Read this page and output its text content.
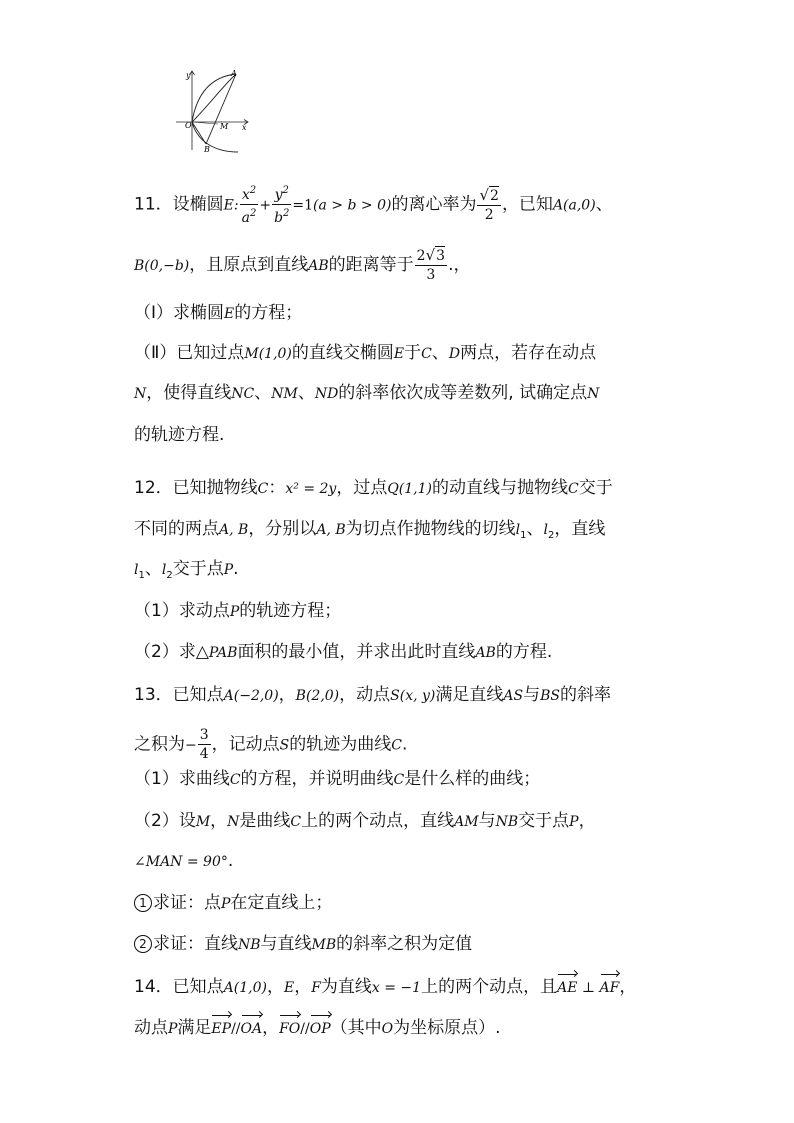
y
x
O
A
M
B
11．设椭圆E: $\frac{x^2}{a^2} + \frac{y^2}{b^2} =1(a > b > 0)$的离心率为 $\frac{√2}{2}$ ，已知A(a,0)、
B(0,−b)，且原点到直线AB的距离等于 $\frac{2√3}{3}$ .，
（Ⅰ）求椭圆E的方程；
（Ⅱ）已知过点M(1,0)的直线交椭圆E于C、D两点，若存在动点
N，使得直线NC、NM、ND的斜率依次成等差数列, 试确定点N
的轨迹方程.
12．已知抛物线C：x² = 2y，过点Q(1,1)的动直线与抛物线C交于
不同的两点A, B，分别以A, B为切点作抛物线的切线$l_1$、$l_2$，直线
$l_1$、$l_2$交于点P.
（1）求动点P的轨迹方程；
（2）求△PAB面积的最小值，并求出此时直线AB的方程.
13．已知点A(−2,0)，B(2,0)，动点S(x, y)满足直线AS与BS的斜率
之积为− $\frac{3}{4}$ ，记动点S的轨迹为曲线C.
（1）求曲线C的方程，并说明曲线C是什么样的曲线；
（2）设M，N是曲线C上的两个动点，直线AM与NB交于点P，
∠MAN = 90°.
1 求证：点P在定直线上；
2 求证：直线NB与直线MB的斜率之积为定值
14．已知点A(1,0)，E，F为直线x = −1上的两个动点，且AE ⊥ AF，
动点P满足EP//OA，FO//OP（其中O为坐标原点）.
